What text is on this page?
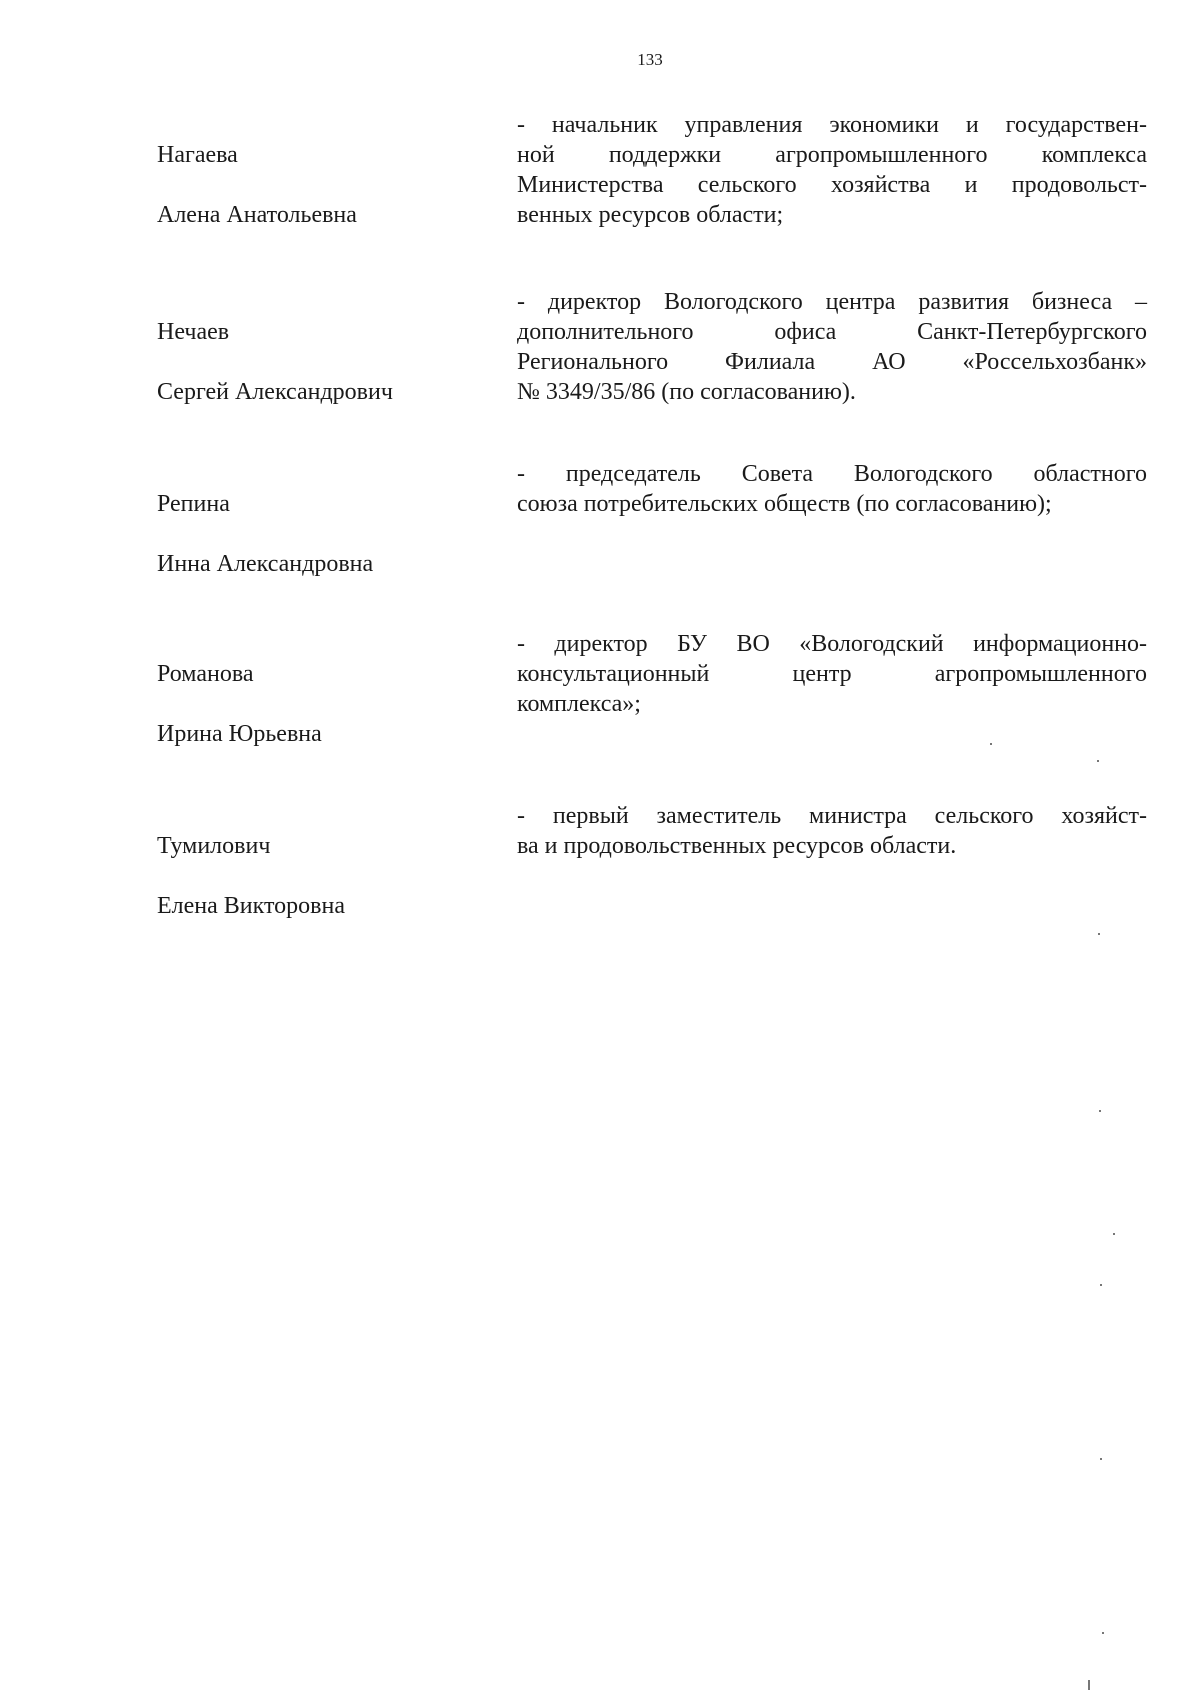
133

Нагаева

Алена Анатольевна

- начальник управления экономики и государствен-
ной поддержки агропромышленного комплекса
Министерства сельского хозяйства и продовольст-
венных ресурсов области;

Нечаев

Сергей Александрович

- директор Вологодского центра развития бизнеса –
дополнительного офиса Санкт-Петербургского
Регионального Филиала АО «Россельхозбанк»
№ 3349/35/86 (по согласованию).

Репина

Инна Александровна

- председатель Совета Вологодского областного
союза потребительских обществ (по согласованию);

Романова

Ирина Юрьевна

- директор БУ ВО «Вологодский информационно-
консультационный центр агропромышленного
комплекса»;

Тумилович

Елена Викторовна

- первый заместитель министра сельского хозяйст-
ва и продовольственных ресурсов области.
